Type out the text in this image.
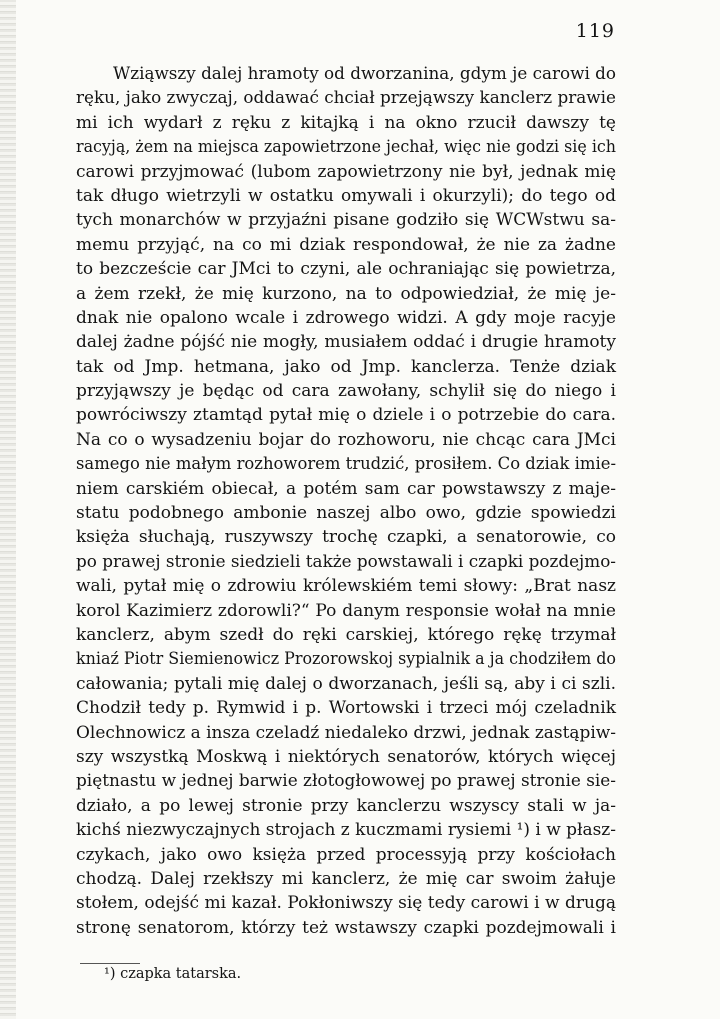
119
Wziąwszy dalej hramoty od dworzanina, gdym je carowi do
ręku, jako zwyczaj, oddawać chciał przejąwszy kanclerz prawie
mi ich wydarł z ręku z kitajką i na okno rzucił dawszy tę
racyją, żem na miejsca zapowietrzone jechał, więc nie godzi się ich
carowi przyjmować (lubom zapowietrzony nie był, jednak mię
tak długo wietrzyli w ostatku omywali i okurzyli); do tego od
tych monarchów w przyjaźni pisane godziło się WCWstwu sa-
memu przyjąć, na co mi dziak respondował, że nie za żadne
to bezczeście car JMci to czyni, ale ochraniając się powietrza,
a żem rzekł, że mię kurzono, na to odpowiedział, że mię je-
dnak nie opalono wcale i zdrowego widzi. A gdy moje racyje
dalej żadne pójść nie mogły, musiałem oddać i drugie hramoty
tak od Jmp. hetmana, jako od Jmp. kanclerza. Tenże dziak
przyjąwszy je będąc od cara zawołany, schylił się do niego i
powróciwszy ztamtąd pytał mię o dziele i o potrzebie do cara.
Na co o wysadzeniu bojar do rozhoworu, nie chcąc cara JMci
samego nie małym rozhoworem trudzić, prosiłem. Co dziak imie-
niem carskiém obiecał, a potém sam car powstawszy z maje-
statu podobnego ambonie naszej albo owo, gdzie spowiedzi
księża słuchają, ruszywszy trochę czapki, a senatorowie, co
po prawej stronie siedzieli także powstawali i czapki pozdejmo-
wali, pytał mię o zdrowiu królewskiém temi słowy: „Brat nasz
korol Kazimierz zdorowli?“ Po danym responsie wołał na mnie
kanclerz, abym szedł do ręki carskiej, którego rękę trzymał
kniaź Piotr Siemienowicz Prozorowskoj sypialnik a ja chodziłem do
całowania; pytali mię dalej o dworzanach, jeśli są, aby i ci szli.
Chodził tedy p. Rymwid i p. Wortowski i trzeci mój czeladnik
Olechnowicz a insza czeladź niedaleko drzwi, jednak zastąpiw-
szy wszystką Moskwą i niektórych senatorów, których więcej
piętnastu w jednej barwie złotogłowowej po prawej stronie sie-
działo, a po lewej stronie przy kanclerzu wszyscy stali w ja-
kichś niezwyczajnych strojach z kuczmami rysiemi ¹) i w płasz-
czykach, jako owo księża przed processyją przy kościołach
chodzą. Dalej rzekłszy mi kanclerz, że mię car swoim żałuje
stołem, odejść mi kazał. Pokłoniwszy się tedy carowi i w drugą
stronę senatorom, którzy też wstawszy czapki pozdejmowali i
¹) czapka tatarska.
